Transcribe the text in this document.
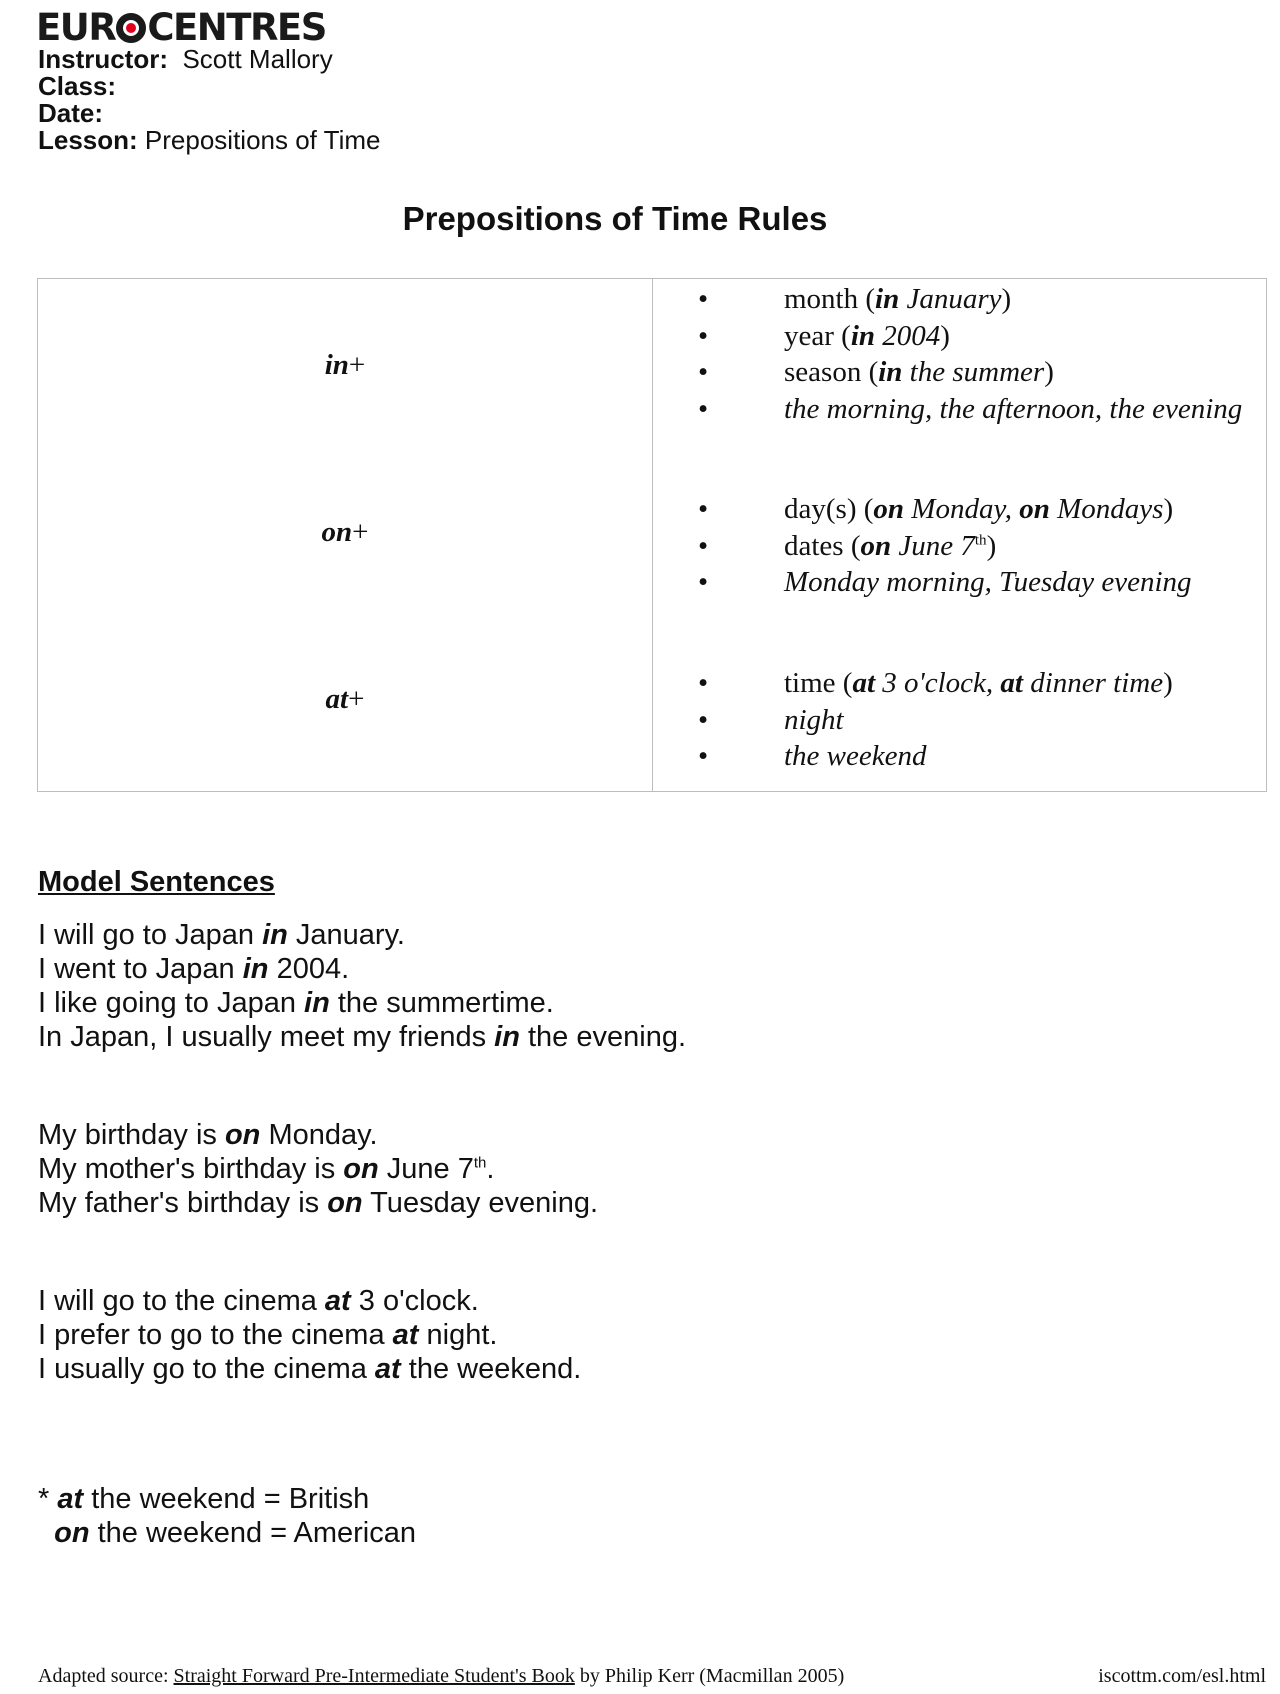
EUR CENTRES
Instructor: Scott Mallory
Class:
Date:
Lesson: Prepositions of Time
Prepositions of Time Rules
in+
• month (in January)
• year (in 2004)
• season (in the summer)
• the morning, the afternoon, the evening
on+
• day(s) (on Monday, on Mondays)
• dates (on June 7th)
• Monday morning, Tuesday evening
at+
•	time (at 3 o'clock, at dinner time)
• night
• the weekend
Model Sentences
I will go to Japan in January.
I went to Japan in 2004.
I like going to Japan in the summertime.
In Japan, I usually meet my friends in the evening.
My birthday is on Monday.
My mother's birthday is on June 7th.
My father's birthday is on Tuesday evening.
I will go to the cinema at 3 o'clock.
I prefer to go to the cinema at night.
I usually go to the cinema at the weekend.
* at the weekend = British
on the weekend = American
Adapted source: Straight Forward Pre-Intermediate Student's Book by Philip Kerr (Macmillan 2005)	iscottm.com/esl.html
